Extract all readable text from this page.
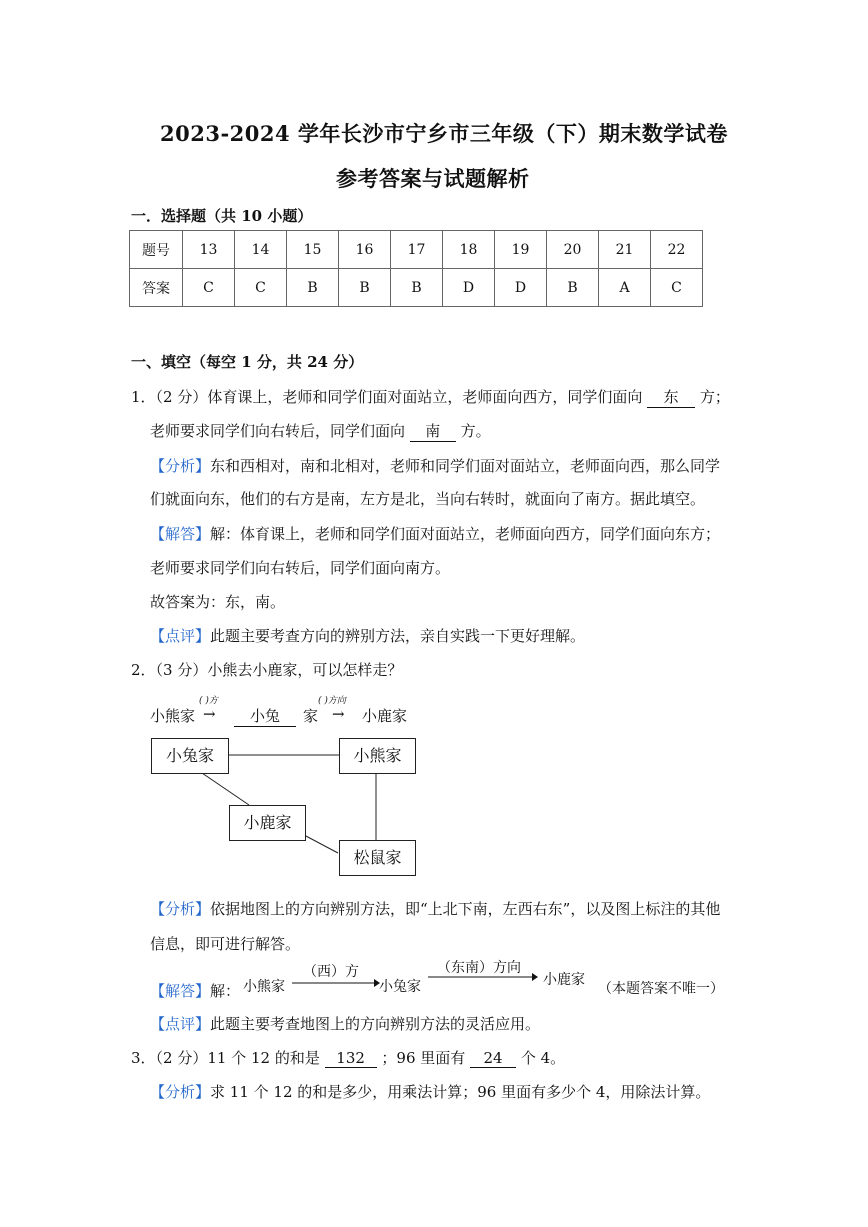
2023-2024 学年长沙市宁乡市三年级（下）期末数学试卷
参考答案与试题解析
一．选择题（共 10 小题）
题号	13	14	15	16	17	18	19	20	21	22
答案	C	C	B	B	B	D	D	B	A	C
一、填空（每空 1 分，共 24 分）
1．（2 分）体育课上，老师和同学们面对面站立，老师面向西方，同学们面向 东 方；
老师要求同学们向右转后，同学们面向 南 方。
【分析】东和西相对，南和北相对，老师和同学们面对面站立，老师面向西，那么同学
们就面向东，他们的右方是南，左方是北，当向右转时，就面向了南方。据此填空。
【解答】解：体育课上，老师和同学们面对面站立，老师面向西方，同学们面向东方；
老师要求同学们向右转后，同学们面向南方。
故答案为：东，南。
【点评】此题主要考查方向的辨别方法，亲自实践一下更好理解。
2．（3 分）小熊去小鹿家，可以怎样走？
小熊家
( )方
→	小兔	家
( )方向
→ 小鹿家
小兔家	小熊家
小鹿家
松鼠家
【分析】依据地图上的方向辨别方法，即“上北下南，左西右东”，以及图上标注的其他
信息，即可进行解答。
【解答】解： 小熊家
（西）方
小兔家
（东南）方向
小鹿家
（本题答案不唯一）
【点评】此题主要考查地图上的方向辨别方法的灵活应用。
3．（2 分）11 个 12 的和是 132 ；96 里面有 24 个 4。
【分析】求 11 个 12 的和是多少，用乘法计算；96 里面有多少个 4，用除法计算。
